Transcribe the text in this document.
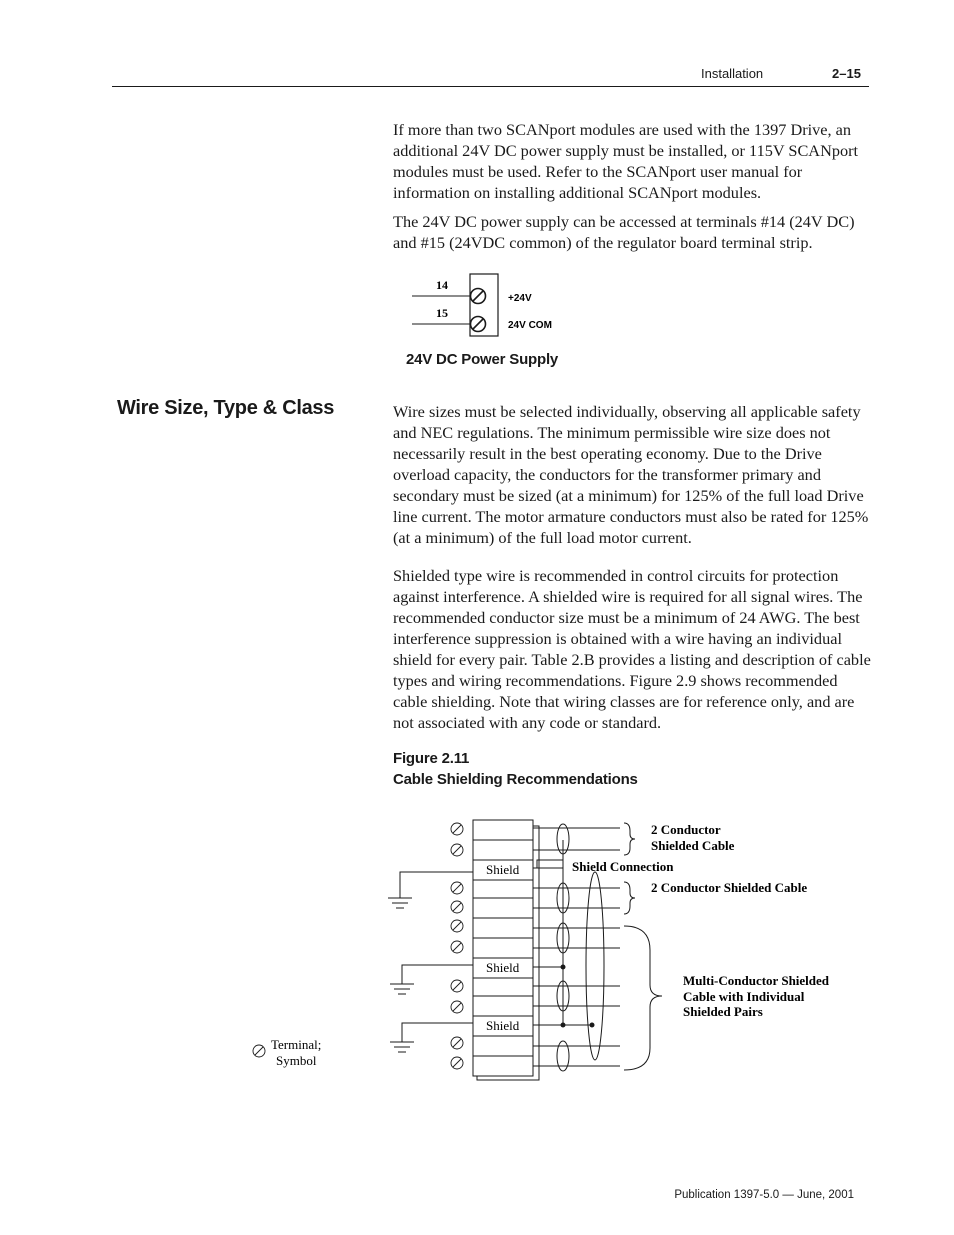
Installation	2–15

If more than two SCANport modules are used with the 1397 Drive, an additional 24V DC power supply must be installed, or 115V SCANport modules must be used. Refer to the SCANport user manual for information on installing additional SCANport modules.

The 24V DC power supply can be accessed at terminals #14 (24V DC) and #15 (24VDC common) of the regulator board terminal strip.

14
15
+24V
24V COM
24V DC Power Supply
Wire Size, Type & Class	Wire sizes must be selected individually, observing all applicable safety and NEC regulations. The minimum permissible wire size does not necessarily result in the best operating economy. Due to the Drive overload capacity, the conductors for the transformer primary and secondary must be sized (at a minimum) for 125% of the full load Drive line current. The motor armature conductors must also be rated for 125% (at a minimum) of the full load motor current.

Shielded type wire is recommended in control circuits for protection against interference. A shielded wire is required for all signal wires. The recommended conductor size must be a minimum of 24 AWG. The best interference suppression is obtained with a wire having an individual shield for every pair. Table 2.B provides a listing and description of cable types and wiring recommendations. Figure 2.9 shows recommended cable shielding. Note that wiring classes are for reference only, and are not associated with any code or standard.

Figure 2.11
Cable Shielding Recommendations
Shield
Shield
Shield
2 Conductor
Shielded Cable
Shield Connection
2 Conductor Shielded Cable
Multi-Conductor Shielded
Cable with Individual
Shielded Pairs
Terminal;
Symbol
Publication 1397-5.0 — June, 2001
